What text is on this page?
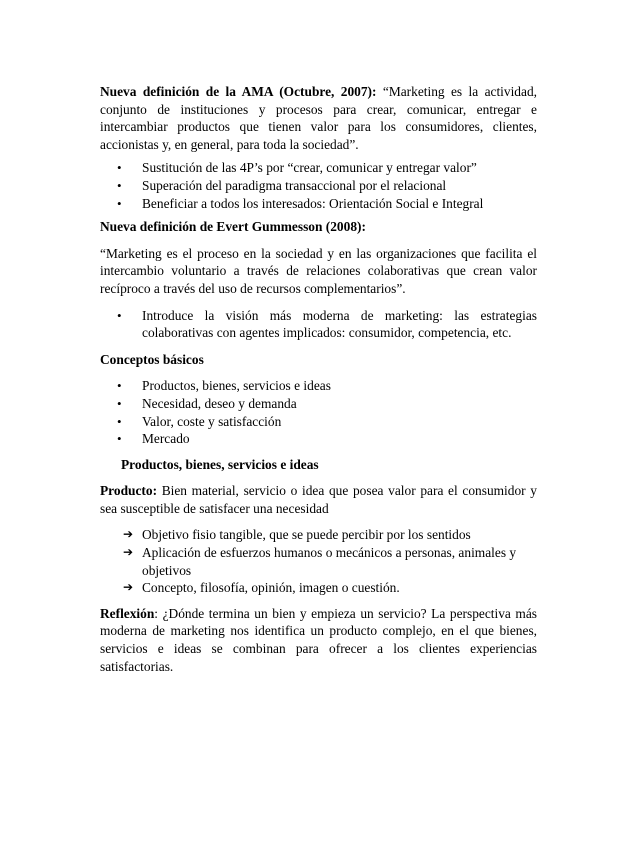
Nueva definición de la AMA (Octubre, 2007): “Marketing es la actividad, conjunto de instituciones y procesos para crear, comunicar, entregar e intercambiar productos que tienen valor para los consumidores, clientes, accionistas y, en general, para toda la sociedad”.

• Sustitución de las 4P’s por “crear, comunicar y entregar valor”
• Superación del paradigma transaccional por el relacional
• Beneficiar a todos los interesados: Orientación Social e Integral

Nueva definición de Evert Gummesson (2008):

“Marketing es el proceso en la sociedad y en las organizaciones que facilita el intercambio voluntario a través de relaciones colaborativas que crean valor recíproco a través del uso de recursos complementarios”.

• Introduce la visión más moderna de marketing: las estrategias colaborativas con agentes implicados: consumidor, competencia, etc.

Conceptos básicos

• Productos, bienes, servicios e ideas
• Necesidad, deseo y demanda
• Valor, coste y satisfacción
• Mercado

Productos, bienes, servicios e ideas

Producto: Bien material, servicio o idea que posea valor para el consumidor y sea susceptible de satisfacer una necesidad

➔ Objetivo fisio tangible, que se puede percibir por los sentidos
➔ Aplicación de esfuerzos humanos o mecánicos a personas, animales y objetivos
➔ Concepto, filosofía, opinión, imagen o cuestión.

Reflexión: ¿Dónde termina un bien y empieza un servicio? La perspectiva más moderna de marketing nos identifica un producto complejo, en el que bienes, servicios e ideas se combinan para ofrecer a los clientes experiencias satisfactorias.
